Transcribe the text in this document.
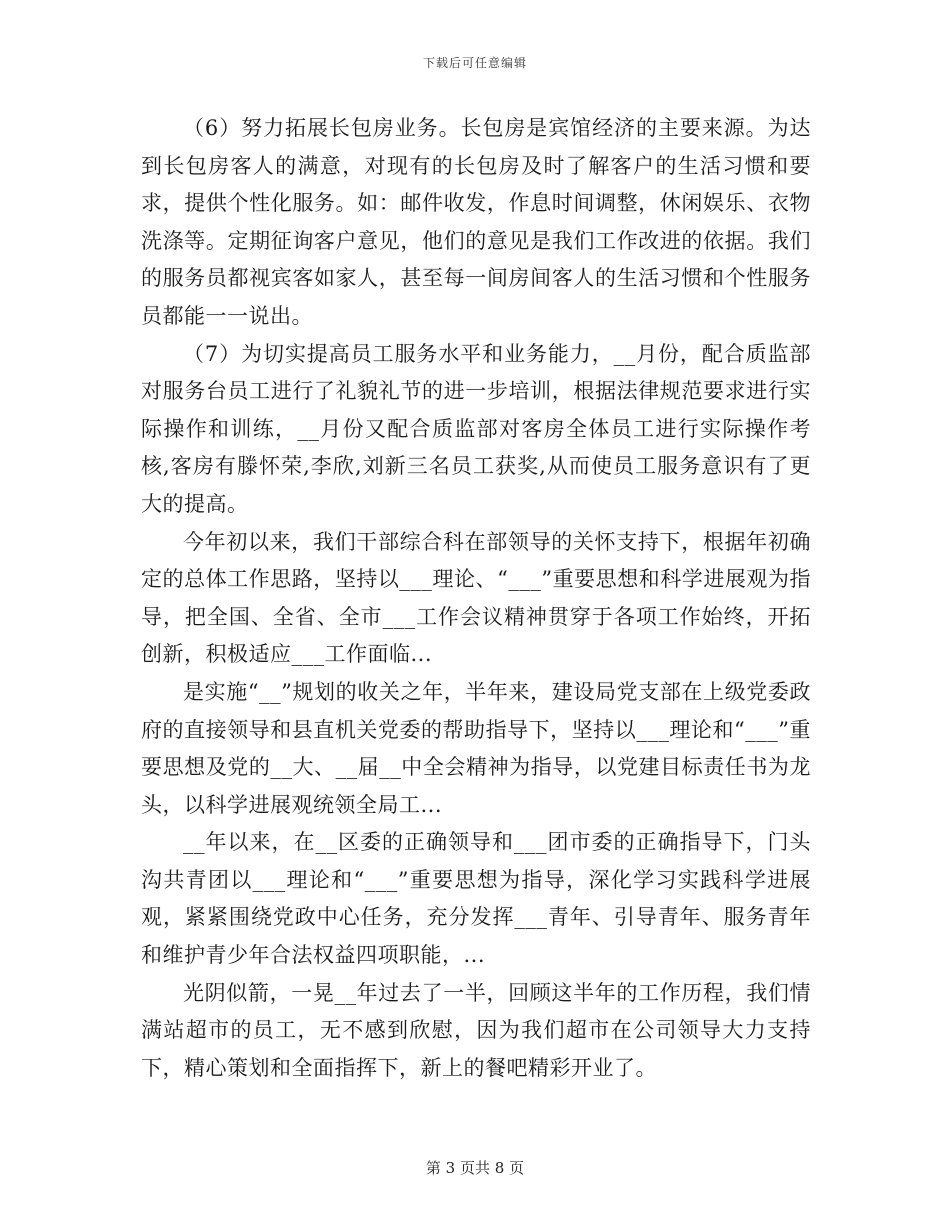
下载后可任意编辑

（6）努力拓展长包房业务。长包房是宾馆经济的主要来源。为达到长包房客人的满意，对现有的长包房及时了解客户的生活习惯和要求，提供个性化服务。如：邮件收发，作息时间调整，休闲娱乐、衣物洗涤等。定期征询客户意见，他们的意见是我们工作改进的依据。我们的服务员都视宾客如家人，甚至每一间房间客人的生活习惯和个性服务员都能一一说出。

（7）为切实提高员工服务水平和业务能力，__月份，配合质监部对服务台员工进行了礼貌礼节的进一步培训，根据法律规范要求进行实际操作和训练，__月份又配合质监部对客房全体员工进行实际操作考核,客房有滕怀荣,李欣,刘新三名员工获奖,从而使员工服务意识有了更大的提高。

今年初以来，我们干部综合科在部领导的关怀支持下，根据年初确定的总体工作思路，坚持以___理论、“___”重要思想和科学进展观为指导，把全国、全省、全市___工作会议精神贯穿于各项工作始终，开拓创新，积极适应___工作面临...

是实施“__”规划的收关之年，半年来，建设局党支部在上级党委政府的直接领导和县直机关党委的帮助指导下，坚持以___理论和“___”重要思想及党的__大、__届__中全会精神为指导，以党建目标责任书为龙头，以科学进展观统领全局工...

__年以来，在__区委的正确领导和___团市委的正确指导下，门头沟共青团以___理论和“___”重要思想为指导，深化学习实践科学进展观，紧紧围绕党政中心任务，充分发挥___青年、引导青年、服务青年和维护青少年合法权益四项职能，...

光阴似箭，一晃__年过去了一半，回顾这半年的工作历程，我们情满站超市的员工，无不感到欣慰，因为我们超市在公司领导大力支持下，精心策划和全面指挥下，新上的餐吧精彩开业了。

第 3 页共 8 页
